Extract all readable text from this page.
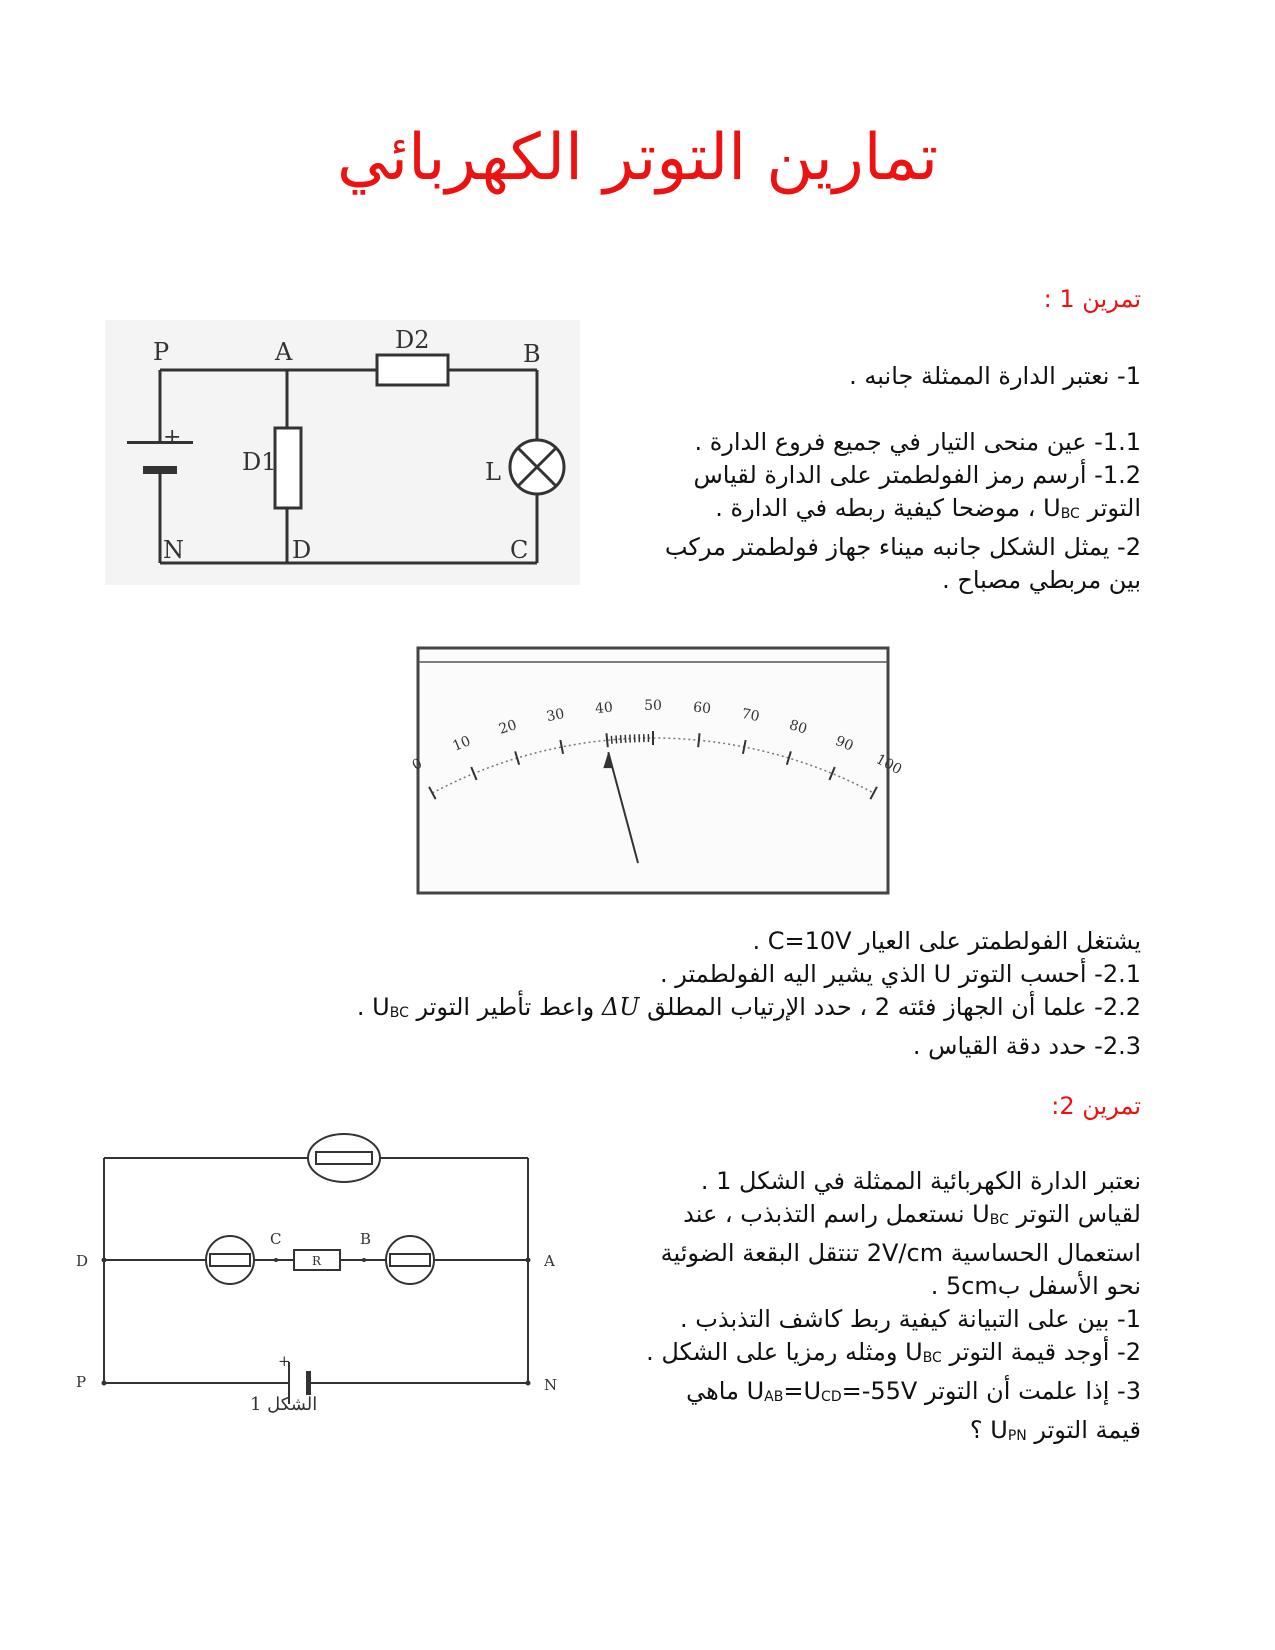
تمارين التوتر الكهربائي
تمرين 1 :
+
P	A	B
N	D	C
D2
D1	L

1- نعتبر الدارة الممثلة جانبه .

1.1- عين منحى التيار في جميع فروع الدارة .

1.2- أرسم رمز الفولطمتر على الدارة لقياس

التوتر $U_{BC}$ ، موضحا كيفية ربطه في الدارة .

2- يمثل الشكل جانبه ميناء جهاز فولطمتر مركب

بين مربطي مصباح .

0
10
20
30 40 50 60 70
80
90
100

يشتغل الفولطمتر على العيار C=10V .

2.1- أحسب التوتر U الذي يشير اليه الفولطمتر .

2.2- علما أن الجهاز فئته 2 ، حدد الإرتياب المطلق ΔU واعط تأطير التوتر $U_{BC}$ .

2.3- حدد دقة القياس .

تمرين 2:
D	A
P	N
C	B
R
+
الشكل 1

نعتبر الدارة الكهربائية الممثلة في الشكل 1 .

لقياس التوتر $U_{BC}$ نستعمل راسم التذبذب ، عند

استعمال الحساسية 2V/cm تنتقل البقعة الضوئية

نحو الأسفل ب5cm .

1- بين على التبيانة كيفية ربط كاشف التذبذب .

2- أوجد قيمة التوتر $U_{BC}$ ومثله رمزيا على الشكل .

3- إذا علمت أن التوتر $U_{AB}=U_{CD}=-55V$ ماهي

قيمة التوتر $U_{PN}$ ؟
